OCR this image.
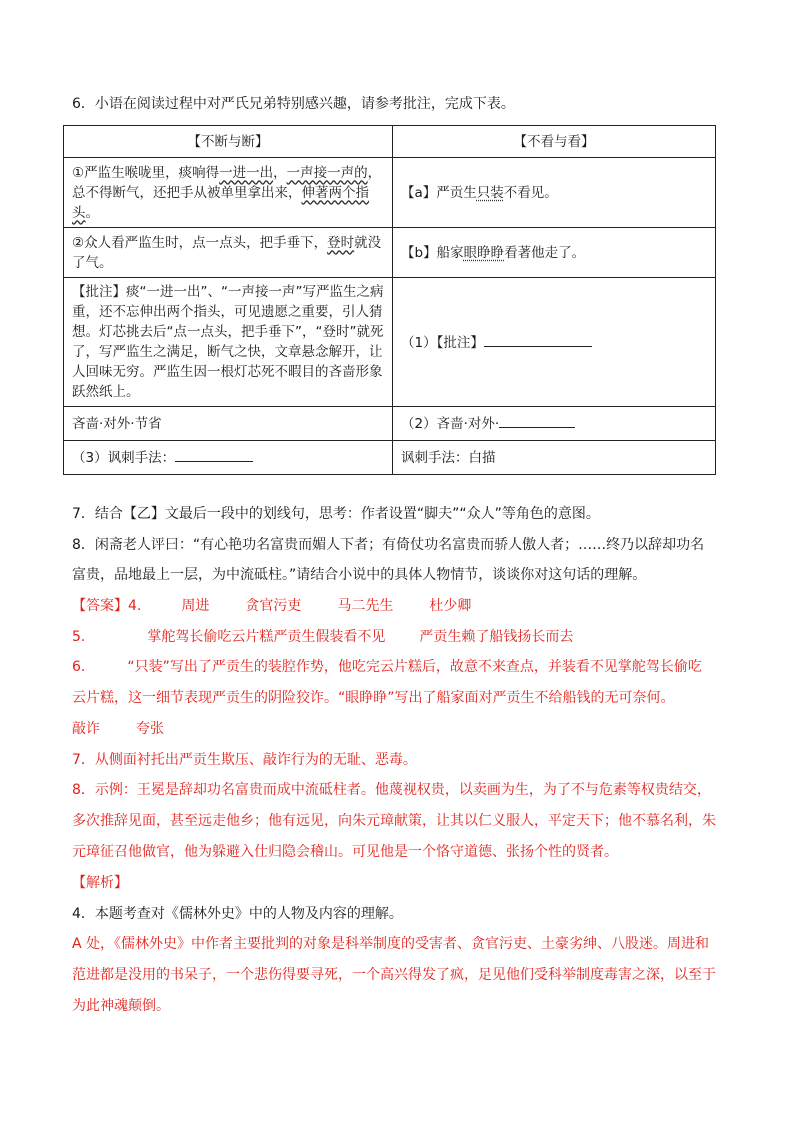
6．小语在阅读过程中对严氏兄弟特别感兴趣，请参考批注，完成下表。
【不断与断】	【不看与看】
①严监生喉咙里，痰响得一进一出，一声接一声的，总不得断气，还把手从被单里拿出来，伸著两个指头。	【a】严贡生只装不看见。
②众人看严监生时，点一点头，把手垂下，登时就没了气。	【b】船家眼睁睁看著他走了。
【批注】痰“一进一出”、“一声接一声”写严监生之病重，还不忘伸出两个指头，可见遗愿之重要，引人猜想。灯芯挑去后“点一点头，把手垂下”，“登时”就死了，写严监生之满足，断气之快，文章悬念解开，让人回味无穷。严监生因一根灯芯死不暇目的吝啬形象跃然纸上。	（1）【批注】
吝啬·对外·节省	（2）吝啬·对外·
（3）讽刺手法：	讽刺手法：白描
7．结合【乙】文最后一段中的划线句，思考：作者设置“脚夫”“众人”等角色的意图。
8．闲斋老人评曰：“有心艳功名富贵而媚人下者；有倚仗功名富贵而骄人傲人者；……终乃以辞却功名
富贵，品地最上一层，为中流砥柱。”请结合小说中的具体人物情节，谈谈你对这句话的理解。
【答案】4.	周进	贪官污吏	马二先生	杜少卿
5.	掌舵驾长偷吃云片糕严贡生假装看不见 严贡生赖了船钱扬长而去
6.	“只装”写出了严贡生的装腔作势，他吃完云片糕后，故意不来查点，并装看不见掌舵驾长偷吃
云片糕，这一细节表现严贡生的阴险狡诈。“眼睁睁”写出了船家面对严贡生不给船钱的无可奈何。
敲诈	夸张
7．从侧面衬托出严贡生欺压、敲诈行为的无耻、恶毒。
8．示例：王冕是辞却功名富贵而成中流砥柱者。他蔑视权贵，以卖画为生，为了不与危素等权贵结交，
多次推辞见面，甚至远走他乡；他有远见，向朱元璋献策，让其以仁义服人，平定天下；他不慕名利，朱
元璋征召他做官，他为躲避入仕归隐会稽山。可见他是一个恪守道德、张扬个性的贤者。
【解析】
4．本题考查对《儒林外史》中的人物及内容的理解。
A 处，《儒林外史》中作者主要批判的对象是科举制度的受害者、贪官污吏、土豪劣绅、八股迷。周进和
范进都是没用的书呆子，一个悲伤得要寻死，一个高兴得发了疯，足见他们受科举制度毒害之深，以至于
为此神魂颠倒。
